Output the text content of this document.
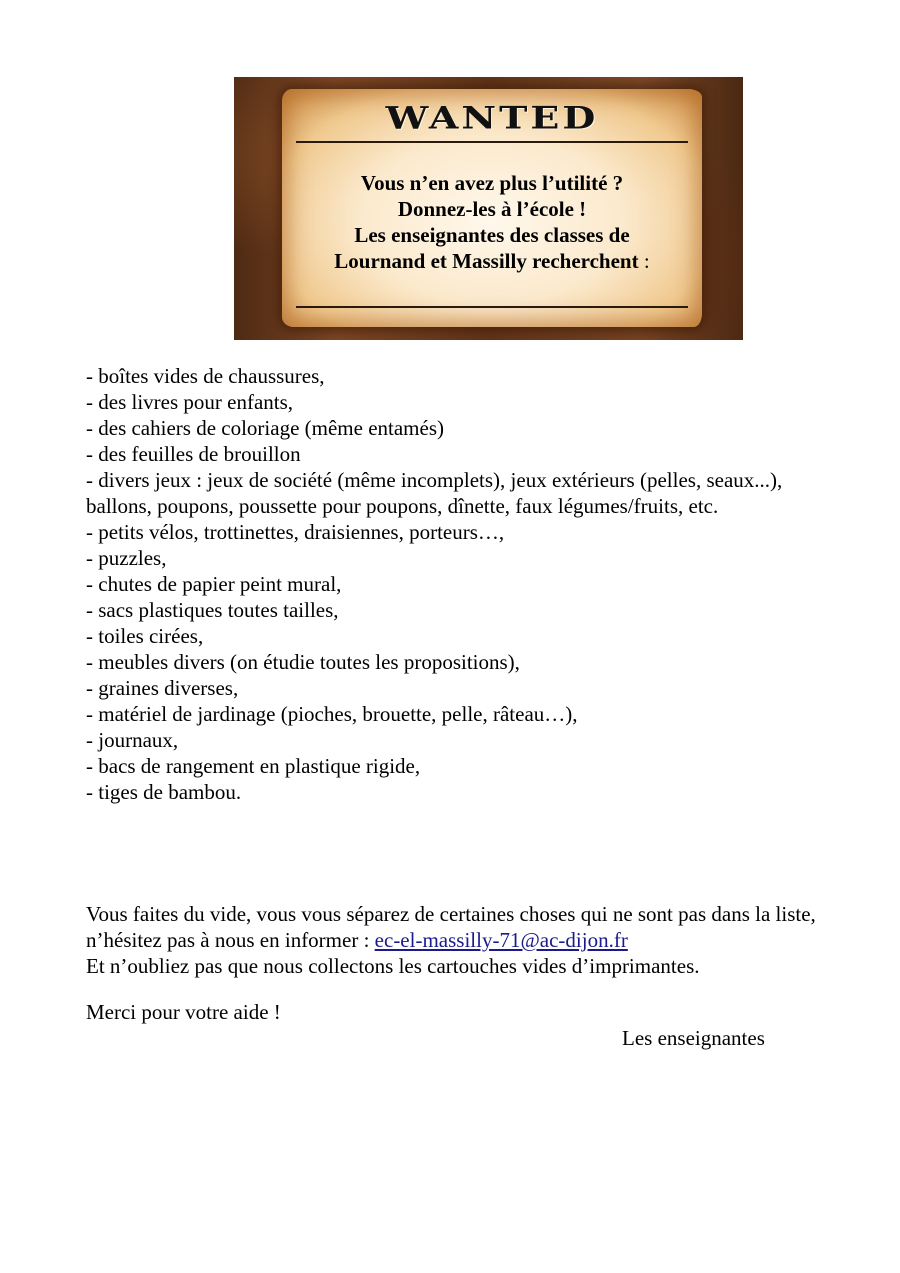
WANTED
Vous n’en avez plus l’utilité ?
Donnez-les à l’école !
Les enseignantes des classes de
Lournand et Massilly recherchent :
- boîtes vides de chaussures,
- des livres pour enfants,
- des cahiers de coloriage (même entamés)
- des feuilles de brouillon
- divers jeux : jeux de société (même incomplets), jeux extérieurs (pelles, seaux...), ballons, poupons, poussette pour poupons, dînette, faux légumes/fruits, etc.
- petits vélos, trottinettes, draisiennes, porteurs…,
- puzzles,
- chutes de papier peint mural,
- sacs plastiques toutes tailles,
- toiles cirées,
- meubles divers (on étudie toutes les propositions),
- graines diverses,
- matériel de jardinage (pioches, brouette, pelle, râteau…),
- journaux,
- bacs de rangement en plastique rigide,
- tiges de bambou.

Vous faites du vide, vous vous séparez de certaines choses qui ne sont pas dans la liste, n’hésitez pas à nous en informer : ec-el-massilly-71@ac-dijon.fr
Et n’oubliez pas que nous collectons les cartouches vides d’imprimantes.

Merci pour votre aide !

Les enseignantes
